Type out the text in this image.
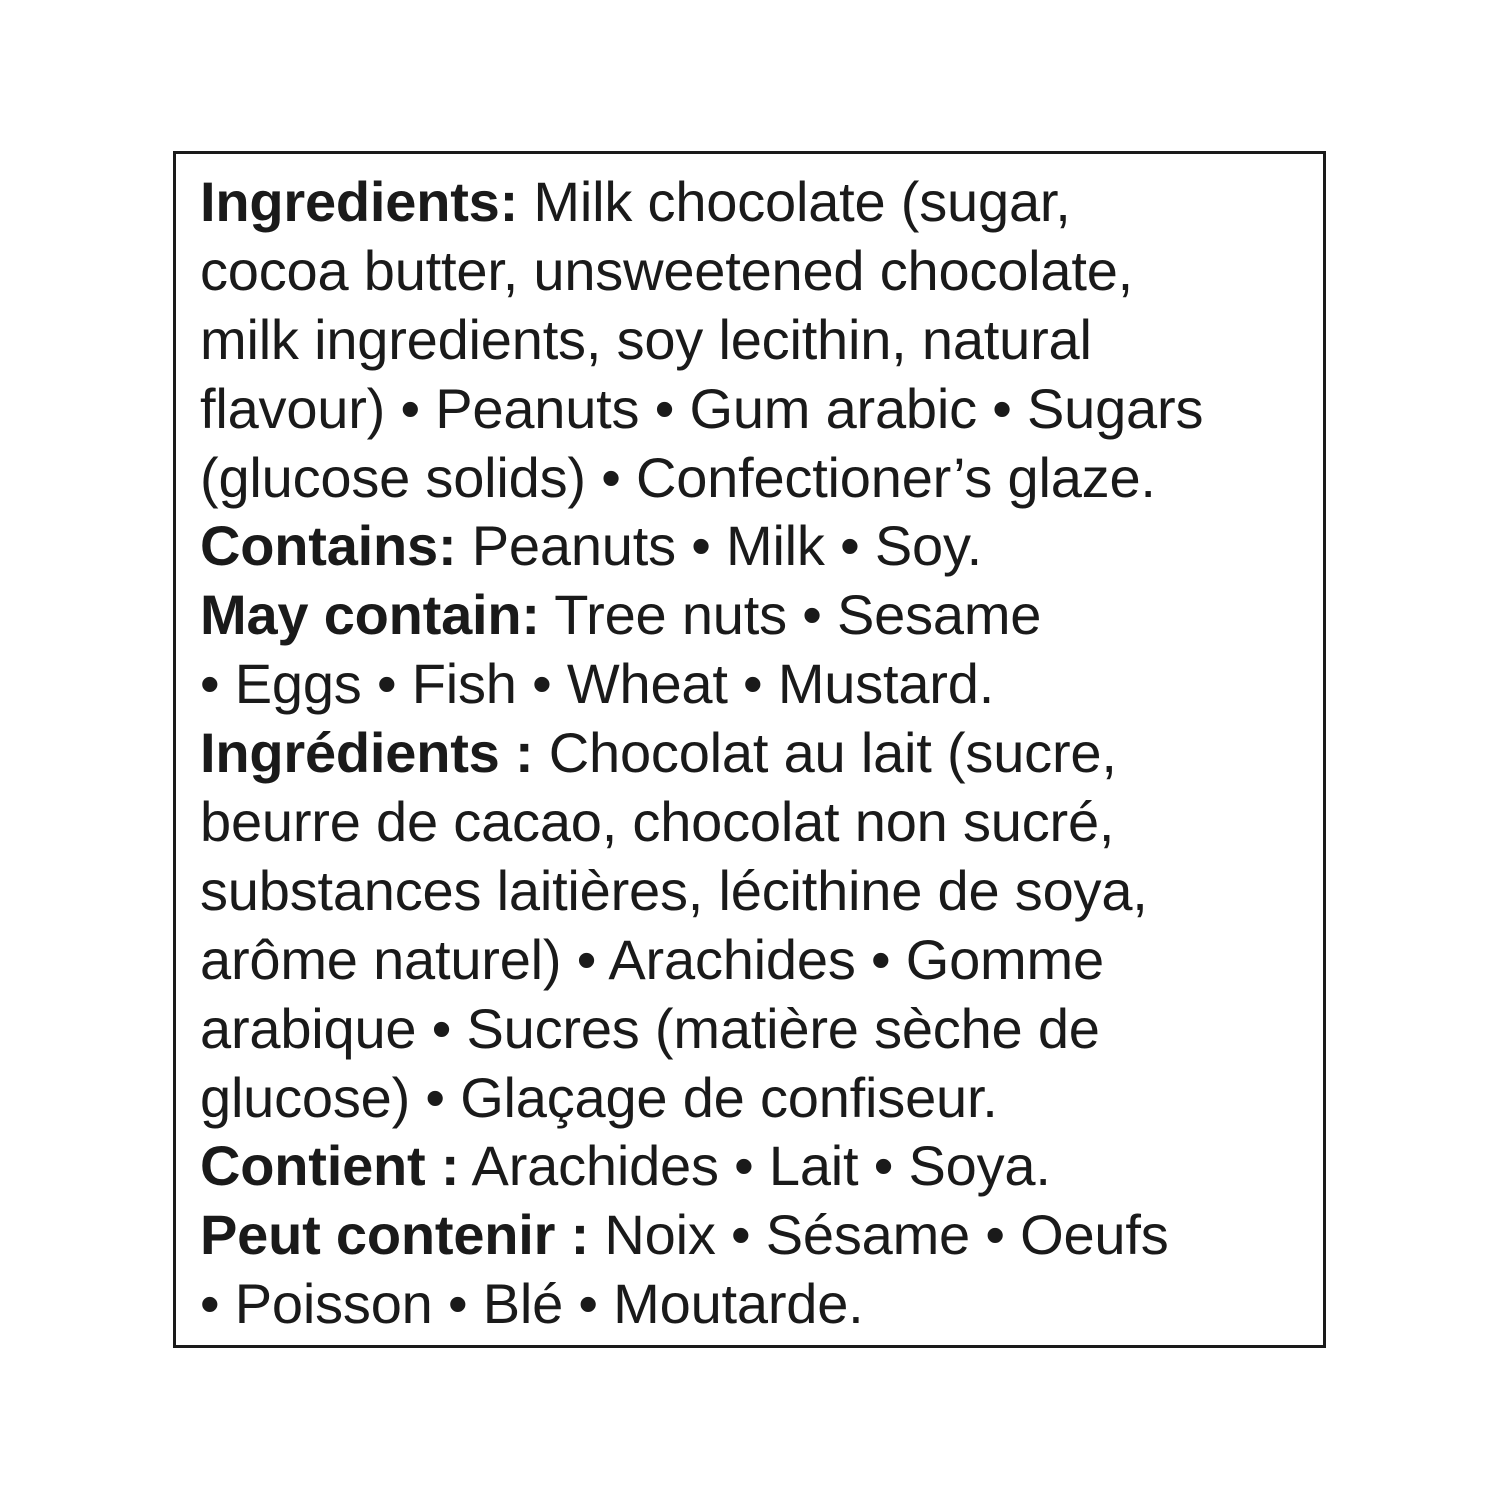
Ingredients: Milk chocolate (sugar,
cocoa butter, unsweetened chocolate,
milk ingredients, soy lecithin, natural
flavour) • Peanuts • Gum arabic • Sugars
(glucose solids) • Confectioner’s glaze.
Contains: Peanuts • Milk • Soy.
May contain: Tree nuts • Sesame
• Eggs • Fish • Wheat • Mustard.
Ingrédients : Chocolat au lait (sucre,
beurre de cacao, chocolat non sucré,
substances laitières, lécithine de soya,
arôme naturel) • Arachides • Gomme
arabique • Sucres (matière sèche de
glucose) • Glaçage de confiseur.
Contient : Arachides • Lait • Soya.
Peut contenir : Noix • Sésame • Oeufs
• Poisson • Blé • Moutarde.
